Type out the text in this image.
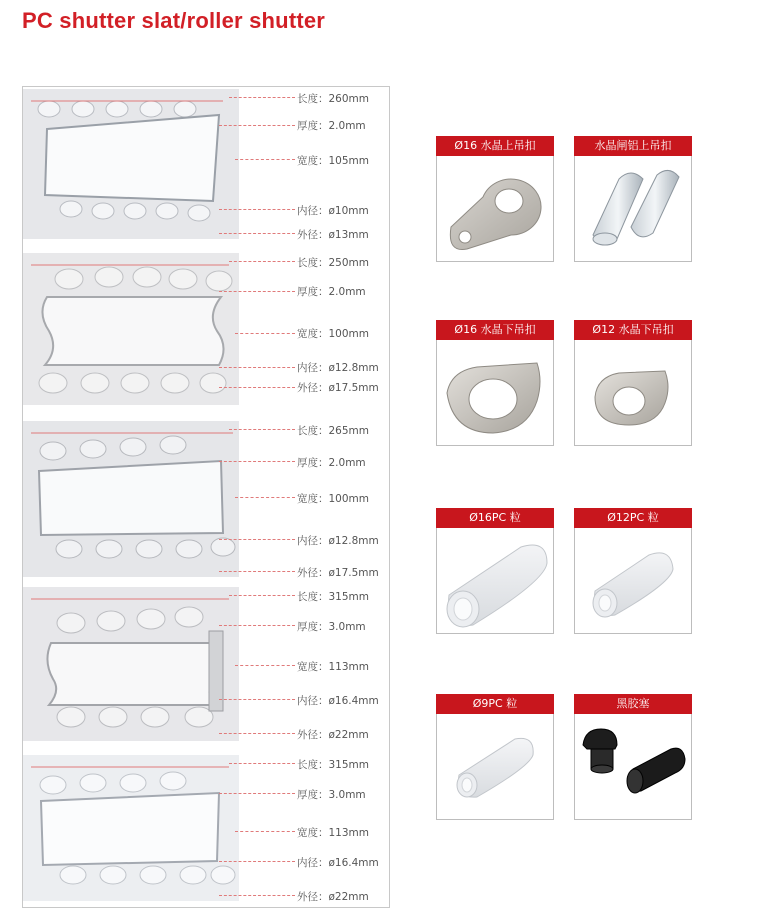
PC shutter slat/roller shutter
长度：260mm
厚度：2.0mm
宽度：105mm
内径：ø10mm
外径：ø13mm
长度：250mm
厚度：2.0mm
宽度：100mm
内径：ø12.8mm
外径：ø17.5mm
长度：265mm
厚度：2.0mm
宽度：100mm
内径：ø12.8mm
外径：ø17.5mm
长度：315mm
厚度：3.0mm
宽度：113mm
内径：ø16.4mm
外径：ø22mm
长度：315mm
厚度：3.0mm
宽度：113mm
内径：ø16.4mm
外径：ø22mm
Ø16 水晶上吊扣	水晶闸铝上吊扣
Ø16 水晶下吊扣	Ø12 水晶下吊扣
Ø16PC 粒	Ø12PC 粒
Ø9PC 粒	黑胶塞
